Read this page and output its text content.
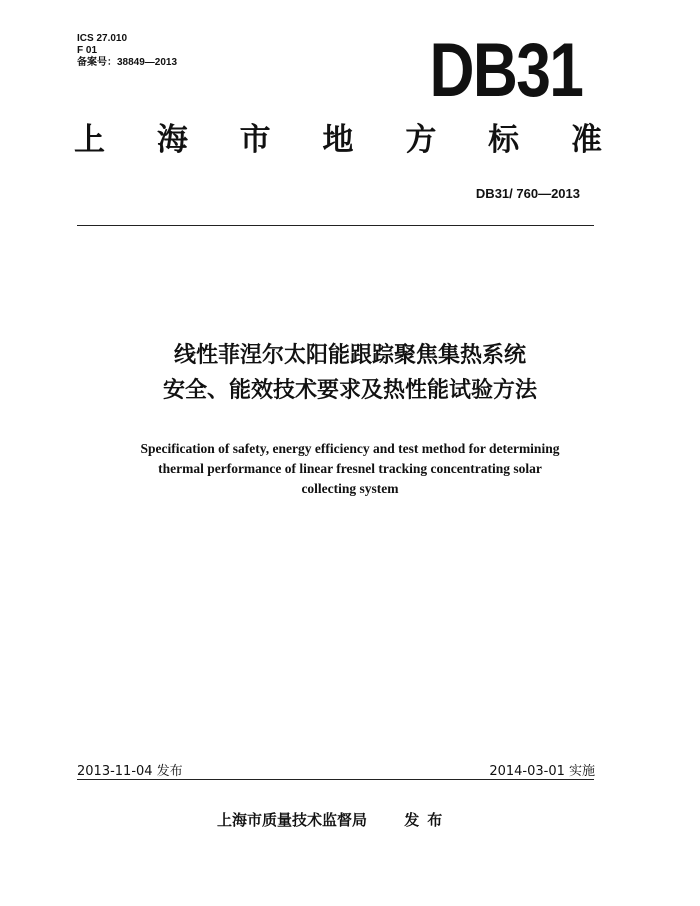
ICS 27.010
F 01
备案号：38849—2013	DB31
上 海 市 地 方 标 准
DB31/ 760—2013
线性菲涅尔太阳能跟踪聚焦集热系统
安全、能效技术要求及热性能试验方法
Specification of safety, energy efficiency and test method for determining
thermal performance of linear fresnel tracking concentrating solar
collecting system
2013-11-04 发布	2014-03-01 实施
上海市质量技术监督局 发布
